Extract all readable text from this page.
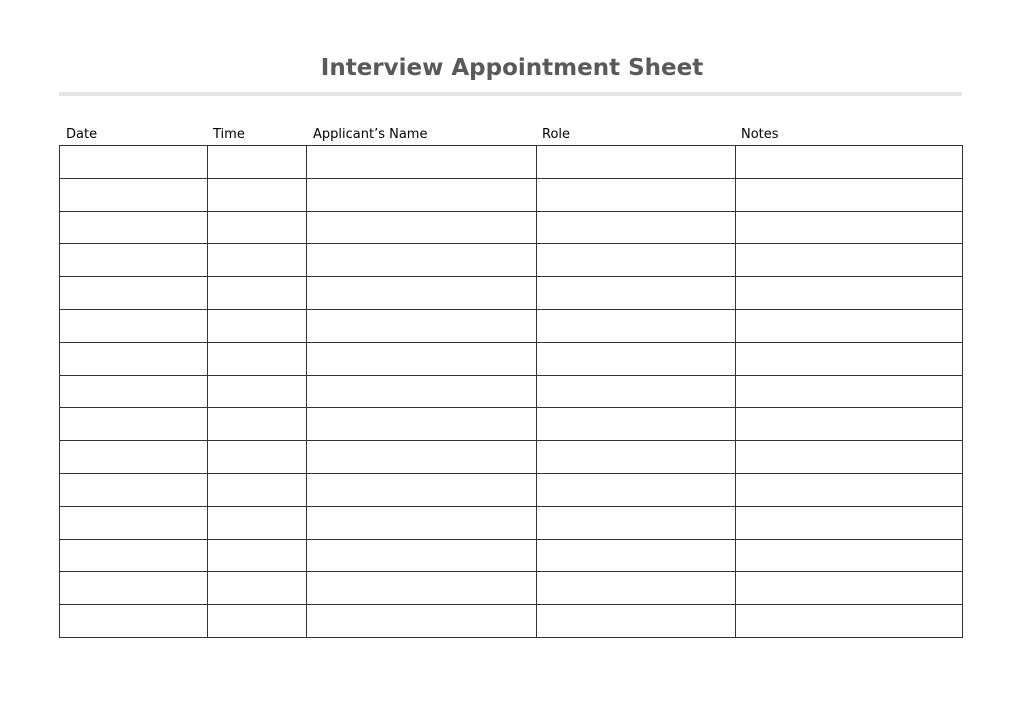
Interview Appointment Sheet
Date	Time	Applicant’s Name	Role	Notes
